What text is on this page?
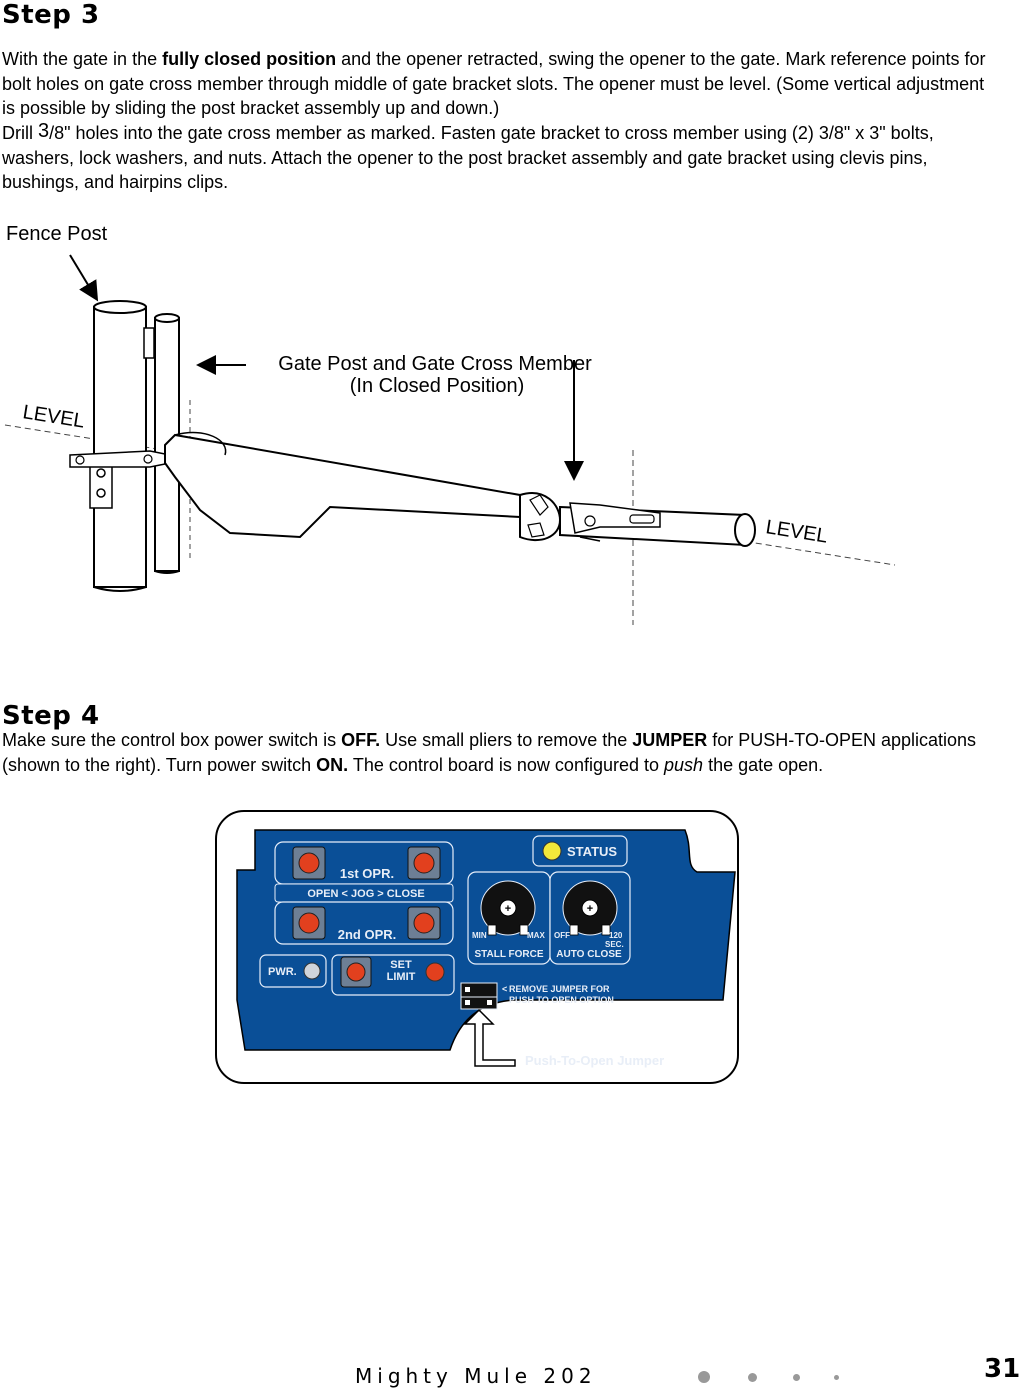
Step 3

With the gate in the fully closed position and the opener retracted, swing the opener to the gate. Mark reference points for bolt holes on gate cross member through middle of gate bracket slots. The opener must be level. (Some vertical adjustment is possible by sliding the post bracket assembly up and down.)

Drill 3/8" holes into the gate cross member as marked. Fasten gate bracket to cross member using (2) 3/8" x 3" bolts, washers, lock washers, and nuts. Attach the opener to the post bracket assembly and gate bracket using clevis pins, bushings, and hairpins clips.

Fence Post
Gate Post and Gate Cross Member
(In Closed Position)
LEVEL
LEVEL
Step 4

Make sure the control box power switch is OFF. Use small pliers to remove the JUMPER for PUSH-TO-OPEN applications (shown to the right). Turn power switch ON. The control board is now configured to push the gate open.

1st OPR.
OPEN < JOG > CLOSE
2nd OPR.
PWR.
SET
LIMIT
STATUS
+
MIN	MAX
STALL FORCE
+
OFF	120
SEC.
AUTO CLOSE
< REMOVE JUMPER FOR
PUSH TO OPEN OPTION
Push-To-Open Jumper
Mighty Mule 202	31
